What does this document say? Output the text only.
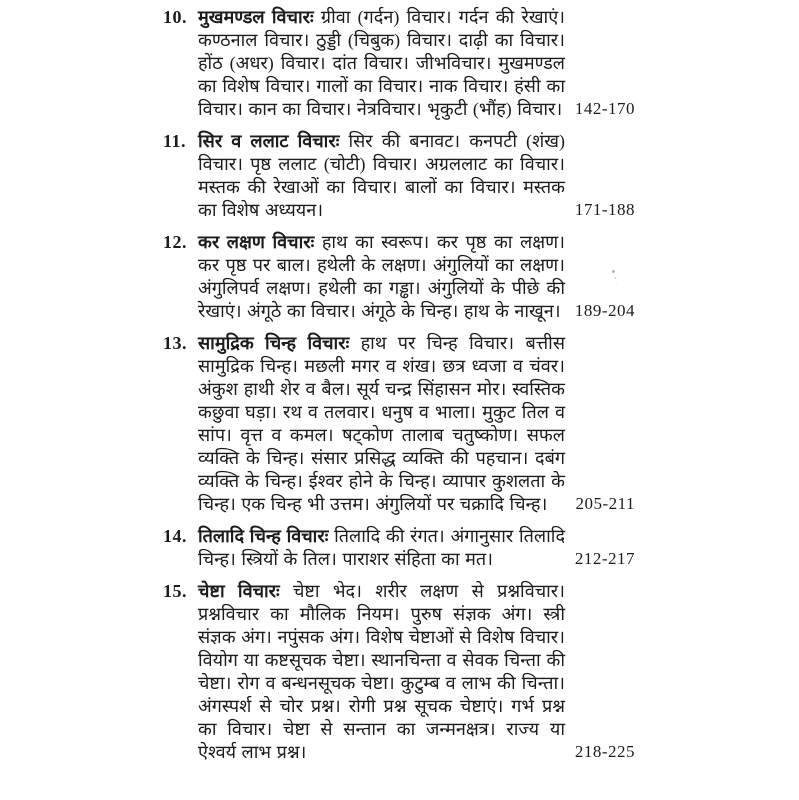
10. मुखमण्डल विचारः ग्रीवा (गर्दन) विचार। गर्दन की रेखाएं। कण्ठनाल विचार। ठुड्डी (चिबुक) विचार। दाढ़ी का विचार। होंठ (अधर) विचार। दांत विचार। जीभविचार। मुखमण्डल का विशेष विचार। गालों का विचार। नाक विचार। हंसी का विचार। कान का विचार। नेत्रविचार। भृकुटी (भौंह) विचार। 142-170
11. सिर व ललाट विचारः सिर की बनावट। कनपटी (शंख) विचार। पृष्ठ ललाट (चोटी) विचार। अग्रललाट का विचार। मस्तक की रेखाओं का विचार। बालों का विचार। मस्तक का विशेष अध्ययन।	171-188
12. कर लक्षण विचारः हाथ का स्वरूप। कर पृष्ठ का लक्षण। कर पृष्ठ पर बाल। हथेली के लक्षण। अंगुलियों का लक्षण। अंगुलिपर्व लक्षण। हथेली का गड्ढा। अंगुलियों के पीछे की रेखाएं। अंगूठे का विचार। अंगूठे के चिन्ह। हाथ के नाखून। 189-204
13. सामुद्रिक चिन्ह विचारः हाथ पर चिन्ह विचार। बत्तीस सामुद्रिक चिन्ह। मछली मगर व शंख। छत्र ध्वजा व चंवर। अंकुश हाथी शेर व बैल। सूर्य चन्द्र सिंहासन मोर। स्वस्तिक कछुवा घड़ा। रथ व तलवार। धनुष व भाला। मुकुट तिल व सांप। वृत्त व कमल। षट्कोण तालाब चतुष्कोण। सफल व्यक्ति के चिन्ह। संसार प्रसिद्ध व्यक्ति की पहचान। दबंग व्यक्ति के चिन्ह। ईश्वर होने के चिन्ह। व्यापार कुशलता के चिन्ह। एक चिन्ह भी उत्तम। अंगुलियों पर चक्रादि चिन्ह।	205-211
14. तिलादि चिन्ह विचारः तिलादि की रंगत। अंगानुसार तिलादि चिन्ह। स्त्रियों के तिल। पाराशर संहिता का मत।	212-217
15. चेष्टा विचारः चेष्टा भेद। शरीर लक्षण से प्रश्नविचार। प्रश्नविचार का मौलिक नियम। पुरुष संज्ञक अंग। स्त्री संज्ञक अंग। नपुंसक अंग। विशेष चेष्टाओं से विशेष विचार। वियोग या कष्टसूचक चेष्टा। स्थानचिन्ता व सेवक चिन्ता की चेष्टा। रोग व बन्धनसूचक चेष्टा। कुटुम्ब व लाभ की चिन्ता। अंगस्पर्श से चोर प्रश्न। रोगी प्रश्न सूचक चेष्टाएं। गर्भ प्रश्न का विचार। चेष्टा से सन्तान का जन्मनक्षत्र। राज्य या ऐश्वर्य लाभ प्रश्न।	218-225
